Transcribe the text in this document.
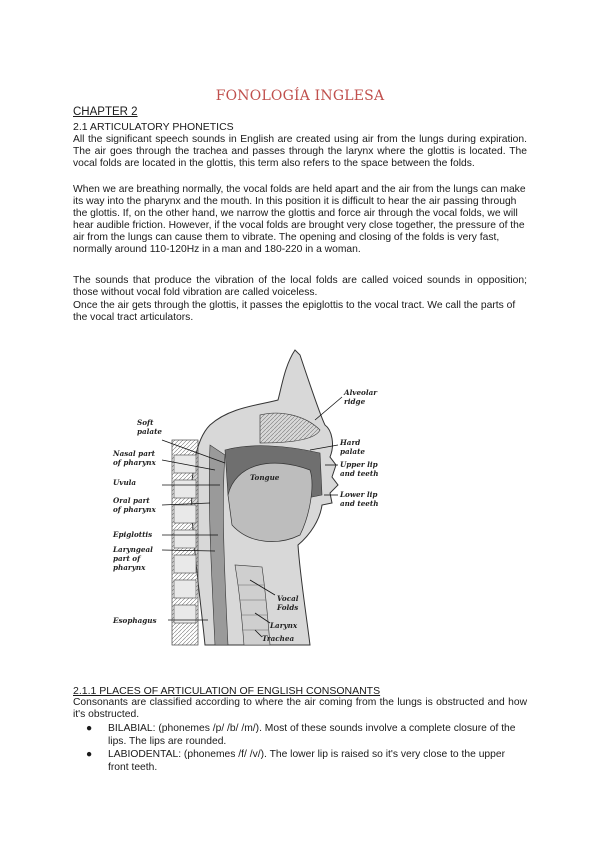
FONOLOGÍA INGLESA
CHAPTER 2
2.1 ARTICULATORY PHONETICS
All the significant speech sounds in English are created using air from the lungs during expiration. The air goes through the trachea and passes through the larynx where the glottis is located. The vocal folds are located in the glottis, this term also refers to the space between the folds.
When we are breathing normally, the vocal folds are held apart and the air from the lungs can make its way into the pharynx and the mouth. In this position it is difficult to hear the air passing through the glottis. If, on the other hand, we narrow the glottis and force air through the vocal folds, we will hear audible friction. However, if the vocal folds are brought very close together, the pressure of the air from the lungs can cause them to vibrate. The opening and closing of the folds is very fast, normally around 110-120Hz in a man and 180-220 in a woman.
The sounds that produce the vibration of the local folds are called voiced sounds in opposition; those without vocal fold vibration are called voiceless.
Once the air gets through the glottis, it passes the epiglottis to the vocal tract. We call the parts of the vocal tract articulators.
Soft palate
Nasal part of pharynx
Uvula
Oral part of pharynx
Epiglottis
Laryngeal part of pharynx
Esophagus
Alveolar ridge
Hard palate
Upper lip and teeth
Tongue
Lower lip and teeth
Vocal Folds
Larynx
Trachea
2.1.1 PLACES OF ARTICULATION OF ENGLISH CONSONANTS
Consonants are classified according to where the air coming from the lungs is obstructed and how it's obstructed.
● BILABIAL: (phonemes /p/ /b/ /m/). Most of these sounds involve a complete closure of the lips. The lips are rounded.
● LABIODENTAL: (phonemes /f/ /v/). The lower lip is raised so it's very close to the upper front teeth.
